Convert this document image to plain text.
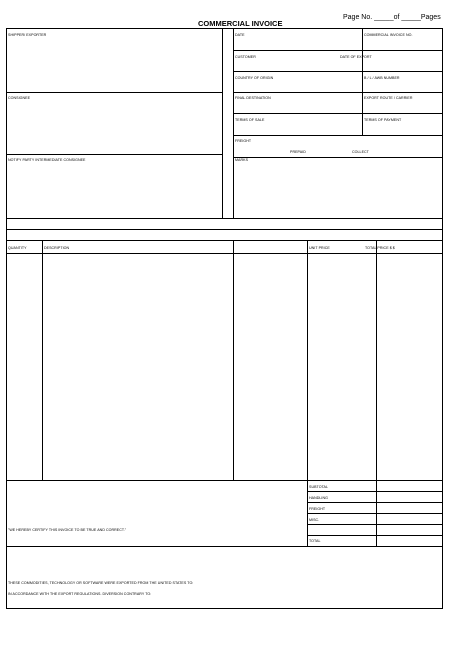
COMMERCIAL INVOICE
Page No. _____of _____Pages
SHIPPER/ EXPORTER	DATE	COMMERCIAL INVOICE NO.
CUSTOMER	DATE OF EXPORT
COUNTRY OF ORIGIN	B / L / AWB NUMBER
CONSIGNEE	FINAL DESTINATION	EXPORT ROUTE / CARRIER
TERMS OF SALE	TERMS OF PAYMENT
FREIGHT
PREPAID	COLLECT
NOTIFY PARTY INTERMEDIATE CONSIGNEE	MARKS
QUANTITY	DESCRIPTION	UNIT PRICE	TOTAL PRICE $ $
SUBTOTAL
HANDLING
FREIGHT
MISC.
TOTAL
"WE HEREBY CERTIFY THIS INVOICE TO BE TRUE AND CORRECT."
THESE COMMODITIES, TECHNOLOGY OR SOFTWARE WERE EXPORTED FROM THE UNITED STATES TO:
IN ACCORDANCE WITH THE EXPORT REGULATIONS. DIVERSION CONTRARY TO:
